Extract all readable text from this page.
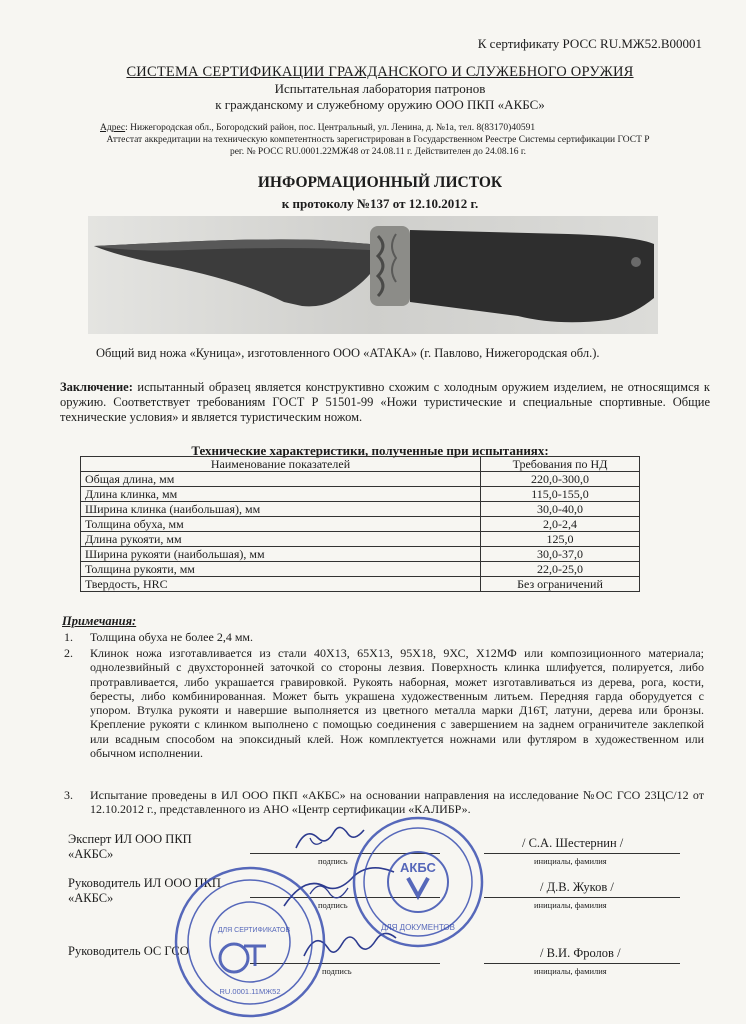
К сертификату РОСС RU.МЖ52.В00001
СИСТЕМА СЕРТИФИКАЦИИ ГРАЖДАНСКОГО И СЛУЖЕБНОГО ОРУЖИЯ
Испытательная лаборатория патронов
к гражданскому и служебному оружию ООО ПКП «АКБС»
Адрес: Нижегородская обл., Богородский район, пос. Центральный, ул. Ленина, д. №1а, тел. 8(83170)40591
Аттестат аккредитации на техническую компетентность зарегистрирован в Государственном Реестре Системы сертификации ГОСТ Р
рег. № РОСС RU.0001.22МЖ48 от 24.08.11 г. Действителен до 24.08.16 г.
ИНФОРМАЦИОННЫЙ ЛИСТОК
к протоколу №137 от 12.10.2012 г.
Общий вид ножа «Куница», изготовленного ООО «АТАКА» (г. Павлово, Нижегородская обл.).
Заключение: испытанный образец является конструктивно схожим с холодным оружием изделием, не относящимся к оружию. Соответствует требованиям ГОСТ Р 51501-99 «Ножи туристические и специальные спортивные. Общие технические условия» и является туристическим ножом.
Технические характеристики, полученные при испытаниях:
Наименование показателей	Требования по НД
Общая длина, мм	220,0-300,0
Длина клинка, мм	115,0-155,0
Ширина клинка (наибольшая), мм	30,0-40,0
Толщина обуха, мм	2,0-2,4
Длина рукояти, мм	125,0
Ширина рукояти (наибольшая), мм	30,0-37,0
Толщина рукояти, мм	22,0-25,0
Твердость, HRC	Без ограничений
Примечания:
1. Толщина обуха не более 2,4 мм.
2. Клинок ножа изготавливается из стали 40Х13, 65Х13, 95Х18, 9ХС, Х12МФ или композиционного материала; однолезвийный с двухсторонней заточкой со стороны лезвия. Поверхность клинка шлифуется, полируется, либо протравливается, либо украшается гравировкой. Рукоять наборная, может изготавливаться из дерева, рога, кости, бересты, либо комбинированная. Может быть украшена художественным литьем. Передняя гарда оборудуется с упором. Втулка рукояти и навершие выполняется из цветного металла марки Д16Т, латуни, дерева или бронзы. Крепление рукояти с клинком выполнено с помощью соединения с завершением на заднем ограничителе заклепкой или всадным способом на эпоксидный клей. Нож комплектуется ножнами или футляром в художественном или обычном исполнении.
3. Испытание проведены в ИЛ ООО ПКП «АКБС» на основании направления на исследование №ОС ГСО 23ЦС/12 от 12.10.2012 г., представленного из АНО «Центр сертификации «КАЛИБР».
Эксперт ИЛ ООО ПКП
«АКБС»	подпись
/ С.А. Шестернин /
инициалы, фамилия
Руководитель ИЛ ООО ПКП
«АКБС»	подпись
/ Д.В. Жуков /
инициалы, фамилия
Руководитель ОС ГСО
подпись
/ В.И. Фролов /
инициалы, фамилия
АКБС
ДЛЯ ДОКУМЕНТОВ
ДЛЯ СЕРТИФИКАТОВ
RU.0001.11МЖ52
